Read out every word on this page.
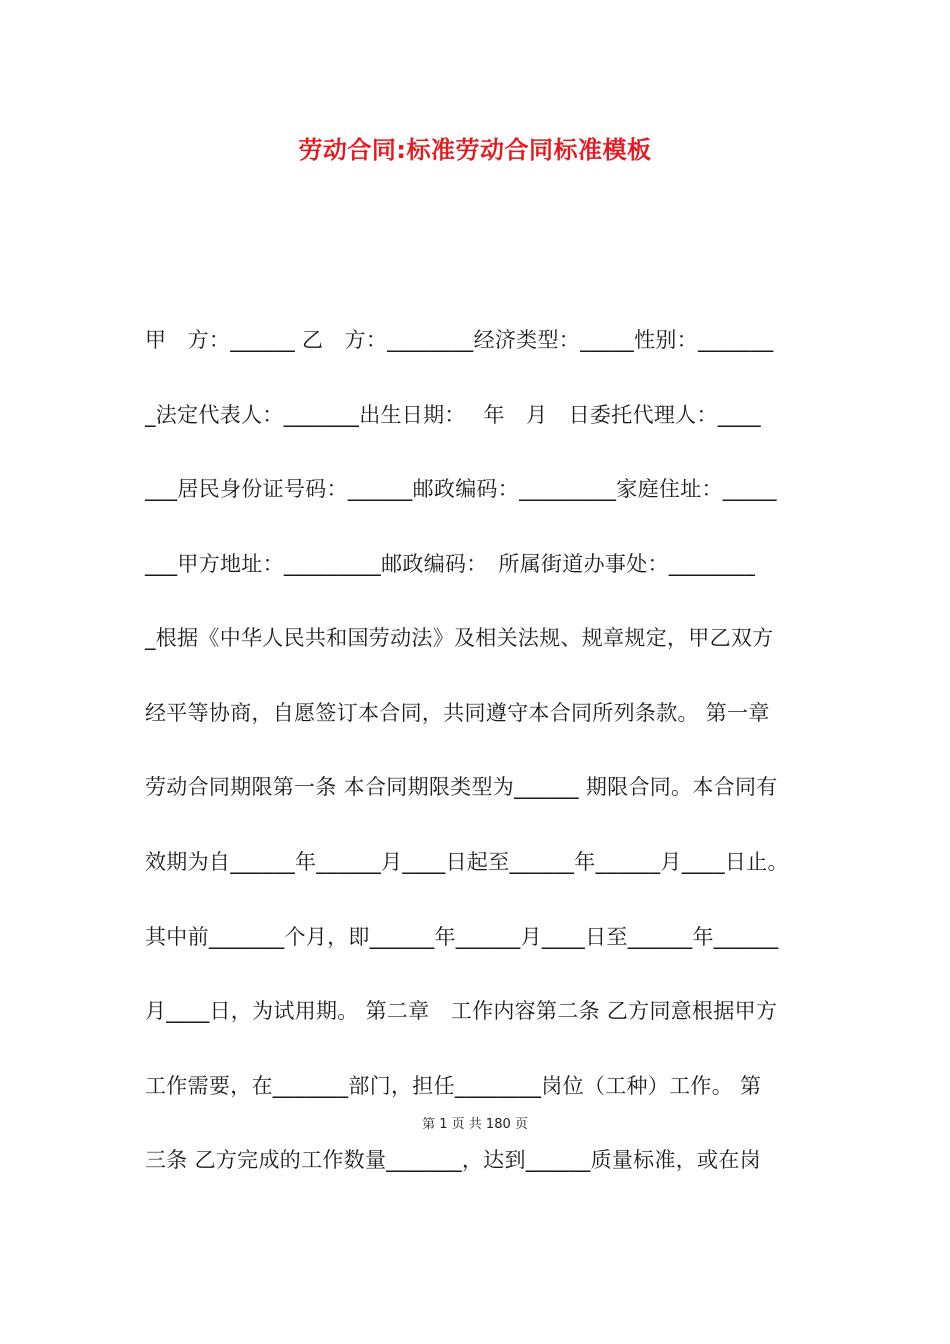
劳动合同:标准劳动合同标准模板
甲　方：______ 乙　方：________经济类型：_____性别：_______
_法定代表人：_______出生日期：　 年　月　日委托代理人：____
___居民身份证号码：______邮政编码：_________家庭住址：_____
___甲方地址：_________邮政编码：　所属街道办事处：________
_根据《中华人民共和国劳动法》及相关法规、规章规定，甲乙双方
经平等协商，自愿签订本合同，共同遵守本合同所列条款。 第一章
劳动合同期限第一条 本合同期限类型为______ 期限合同。本合同有
效期为自______年______月____日起至______年______月____日止。
其中前_______个月，即______年______月____日至______年______
月____日，为试用期。 第二章　工作内容第二条 乙方同意根据甲方
工作需要，在_______部门，担任________岗位（工种）工作。 第
第 1 页 共 180 页
三条 乙方完成的工作数量_______，达到______质量标准，或在岗
